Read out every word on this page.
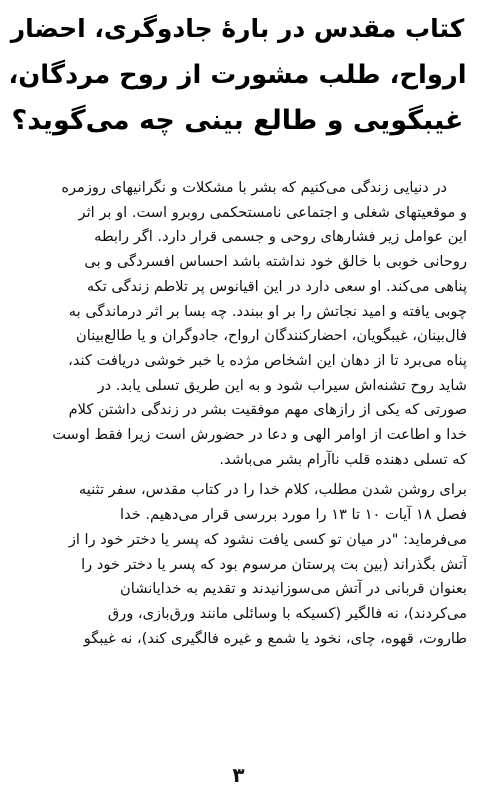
کتاب مقدس در بارهٔ جادوگری، احضار
ارواح، طلب مشورت از روح مردگان،
غیبگویی و طالع بینی چه می‌گوید؟
در دنیایی زندگی می‌کنیم که بشر با مشکلات و نگرانیهای روزمره
و موقعیتهای شغلی و اجتماعی نامستحکمی روبرو است. او بر اثر
این عوامل زیر فشارهای روحی و جسمی قرار دارد. اگر رابطه
روحانی خوبی با خالق خود نداشته باشد احساس افسردگی و بی
پناهی می‌کند. او سعی دارد در این اقیانوس پر تلاطم زندگی تکه
چوبی یافته و امید نجاتش را بر او ببندد. چه بسا بر اثر درماندگی به
فال‌بینان، غیبگویان، احضارکنندگان ارواح، جادوگران و یا طالع‌بینان
پناه می‌برد تا از دهان این اشخاص مژده یا خبر خوشی دریافت کند،
شاید روح تشنه‌اش سیراب شود و به این طریق تسلی یابد. در
صورتی که یکی از رازهای مهم موفقیت بشر در زندگی داشتن کلام
خدا و اطاعت از اوامر الهی و دعا در حضورش است زیرا فقط اوست
که تسلی دهنده قلب ناآرام بشر می‌باشد.
برای روشن شدن مطلب، کلام خدا را در کتاب مقدس، سفر تثنیه
فصل ۱۸ آیات ۱۰ تا ۱۳ را مورد بررسی قرار می‌دهیم. خدا
می‌فرماید: "در میان تو کسی یافت نشود که پسر یا دختر خود را از
آتش بگذراند (بین بت پرستان مرسوم بود که پسر یا دختر خود را
بعنوان قربانی در آتش می‌سوزانیدند و تقدیم به خدایانشان
می‌کردند)، نه فالگیر (کسیکه با وسائلی مانند ورق‌بازی، ورق
طاروت، قهوه، چای، نخود یا شمع و غیره فالگیری کند)، نه غیبگو
۳
